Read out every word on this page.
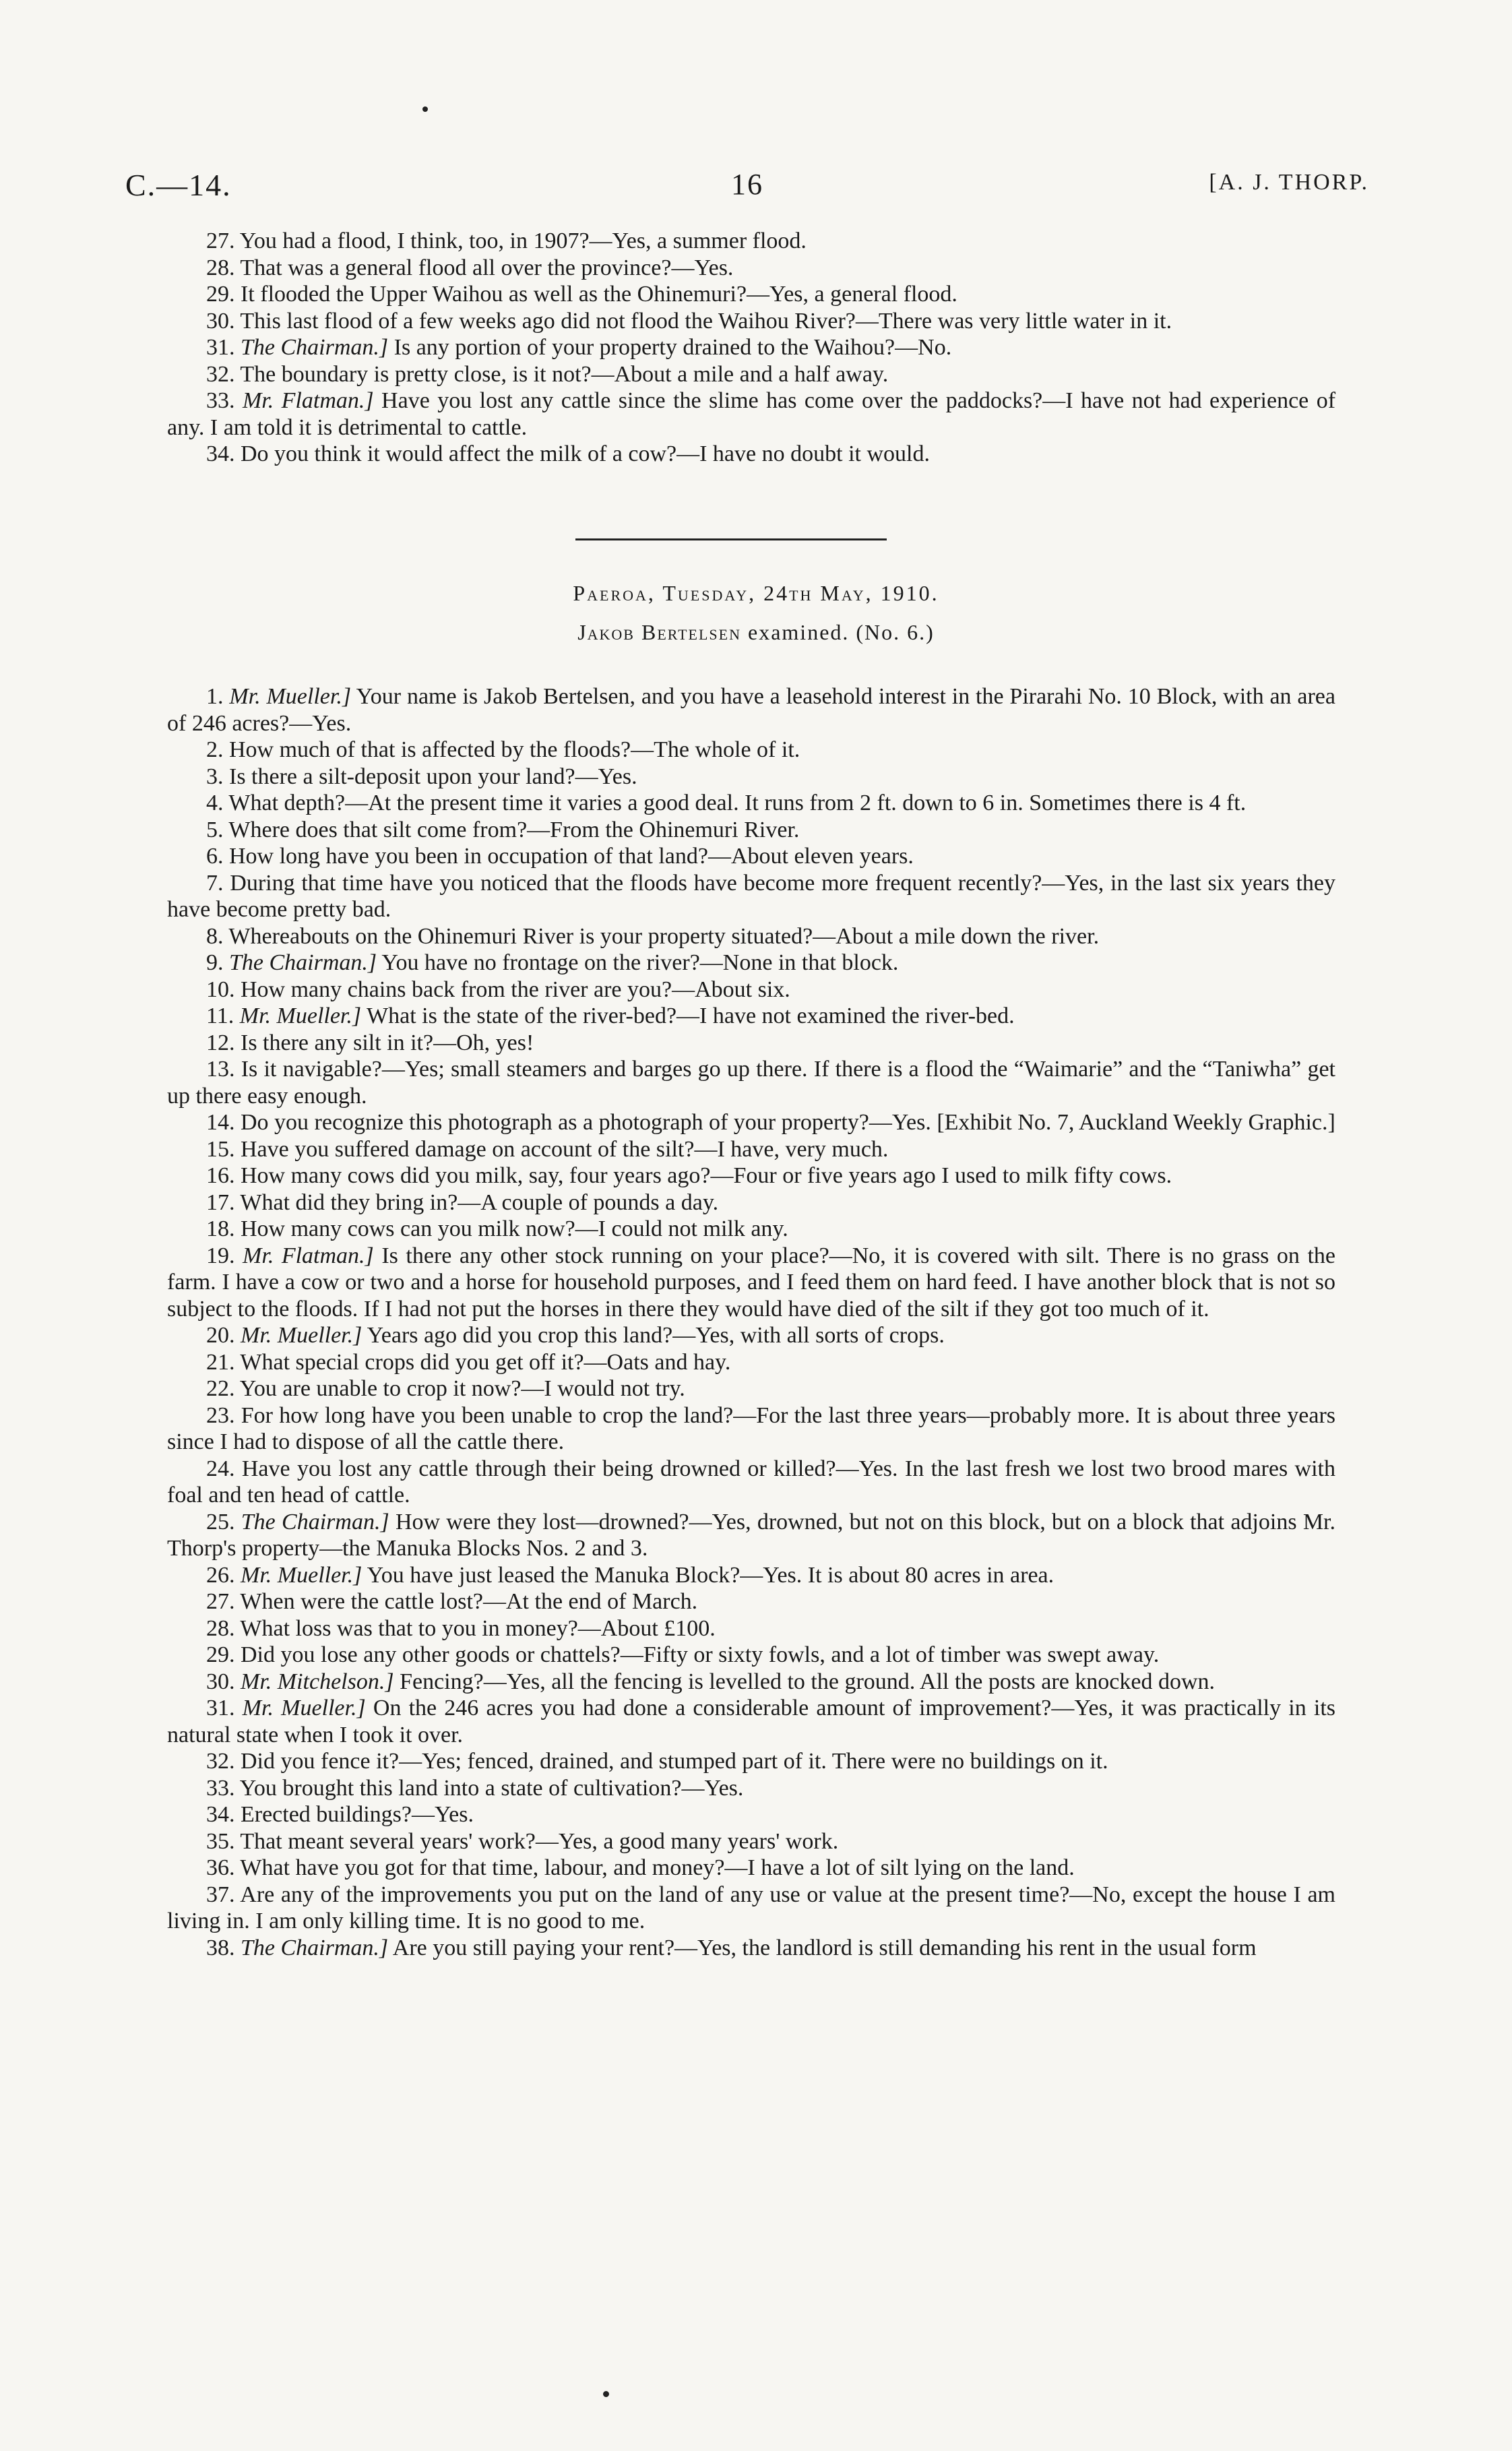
C.—14.	16	[A. J. THORP.

27. You had a flood, I think, too, in 1907?—Yes, a summer flood.

28. That was a general flood all over the province?—Yes.

29. It flooded the Upper Waihou as well as the Ohinemuri?—Yes, a general flood.

30. This last flood of a few weeks ago did not flood the Waihou River?—There was very little water in it.

31. The Chairman.] Is any portion of your property drained to the Waihou?—No.

32. The boundary is pretty close, is it not?—About a mile and a half away.

33. Mr. Flatman.] Have you lost any cattle since the slime has come over the paddocks?—I have not had experience of any. I am told it is detrimental to cattle.

34. Do you think it would affect the milk of a cow?—I have no doubt it would.

Paeroa, Tuesday, 24th May, 1910.
Jakob Bertelsen examined. (No. 6.)

1. Mr. Mueller.] Your name is Jakob Bertelsen, and you have a leasehold interest in the Pirarahi No. 10 Block, with an area of 246 acres?—Yes.

2. How much of that is affected by the floods?—The whole of it.

3. Is there a silt-deposit upon your land?—Yes.

4. What depth?—At the present time it varies a good deal. It runs from 2 ft. down to 6 in. Sometimes there is 4 ft.

5. Where does that silt come from?—From the Ohinemuri River.

6. How long have you been in occupation of that land?—About eleven years.

7. During that time have you noticed that the floods have become more frequent recently?—Yes, in the last six years they have become pretty bad.

8. Whereabouts on the Ohinemuri River is your property situated?—About a mile down the river.

9. The Chairman.] You have no frontage on the river?—None in that block.

10. How many chains back from the river are you?—About six.

11. Mr. Mueller.] What is the state of the river-bed?—I have not examined the river-bed.

12. Is there any silt in it?—Oh, yes!

13. Is it navigable?—Yes; small steamers and barges go up there. If there is a flood the “Waimarie” and the “Taniwha” get up there easy enough.

14. Do you recognize this photograph as a photograph of your property?—Yes. [Exhibit No. 7, Auckland Weekly Graphic.]

15. Have you suffered damage on account of the silt?—I have, very much.

16. How many cows did you milk, say, four years ago?—Four or five years ago I used to milk fifty cows.

17. What did they bring in?—A couple of pounds a day.

18. How many cows can you milk now?—I could not milk any.

19. Mr. Flatman.] Is there any other stock running on your place?—No, it is covered with silt. There is no grass on the farm. I have a cow or two and a horse for household purposes, and I feed them on hard feed. I have another block that is not so subject to the floods. If I had not put the horses in there they would have died of the silt if they got too much of it.

20. Mr. Mueller.] Years ago did you crop this land?—Yes, with all sorts of crops.

21. What special crops did you get off it?—Oats and hay.

22. You are unable to crop it now?—I would not try.

23. For how long have you been unable to crop the land?—For the last three years—probably more. It is about three years since I had to dispose of all the cattle there.

24. Have you lost any cattle through their being drowned or killed?—Yes. In the last fresh we lost two brood mares with foal and ten head of cattle.

25. The Chairman.] How were they lost—drowned?—Yes, drowned, but not on this block, but on a block that adjoins Mr. Thorp's property—the Manuka Blocks Nos. 2 and 3.

26. Mr. Mueller.] You have just leased the Manuka Block?—Yes. It is about 80 acres in area.

27. When were the cattle lost?—At the end of March.

28. What loss was that to you in money?—About £100.

29. Did you lose any other goods or chattels?—Fifty or sixty fowls, and a lot of timber was swept away.

30. Mr. Mitchelson.] Fencing?—Yes, all the fencing is levelled to the ground. All the posts are knocked down.

31. Mr. Mueller.] On the 246 acres you had done a considerable amount of improvement?—Yes, it was practically in its natural state when I took it over.

32. Did you fence it?—Yes; fenced, drained, and stumped part of it. There were no buildings on it.

33. You brought this land into a state of cultivation?—Yes.

34. Erected buildings?—Yes.

35. That meant several years' work?—Yes, a good many years' work.

36. What have you got for that time, labour, and money?—I have a lot of silt lying on the land.

37. Are any of the improvements you put on the land of any use or value at the present time?—No, except the house I am living in. I am only killing time. It is no good to me.

38. The Chairman.] Are you still paying your rent?—Yes, the landlord is still demanding his rent in the usual form
